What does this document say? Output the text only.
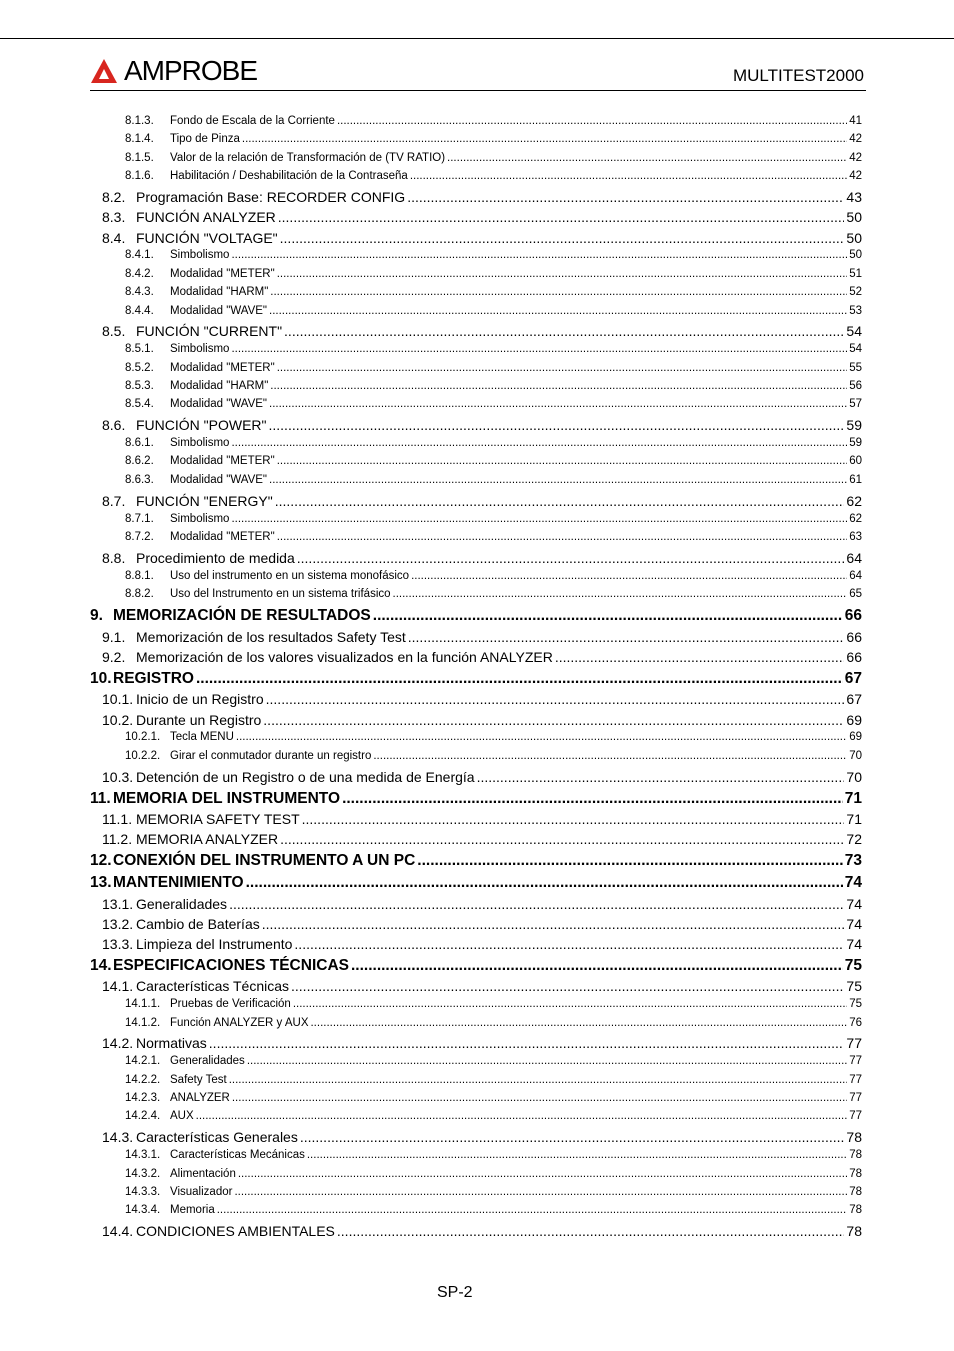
AMPROBE	MULTITEST2000
8.1.3.	Fondo de Escala de la Corriente .....	41
8.1.4.	Tipo de Pinza .....	42
8.1.5.	Valor de la relación de Transformación de (TV RATIO) .....	42
8.1.6.	Habilitación / Deshabilitación de la Contraseña .....	42
8.2. Programación Base: RECORDER CONFIG .....	43
8.3. FUNCIÓN ANALYZER .....	50
8.4. FUNCIÓN "VOLTAGE" .....	50
8.4.1.	Simbolismo .....	50
8.4.2.	Modalidad "METER" .....	51
8.4.3.	Modalidad "HARM" .....	52
8.4.4.	Modalidad "WAVE" .....	53
8.5. FUNCIÓN "CURRENT" .....	54
8.5.1.	Simbolismo .....	54
8.5.2.	Modalidad "METER" .....	55
8.5.3.	Modalidad "HARM" .....	56
8.5.4.	Modalidad "WAVE" .....	57
8.6. FUNCIÓN "POWER" .....	59
8.6.1.	Simbolismo .....	59
8.6.2.	Modalidad "METER" .....	60
8.6.3.	Modalidad "WAVE" .....	61
8.7. FUNCIÓN "ENERGY" .....	62
8.7.1.	Simbolismo .....	62
8.7.2.	Modalidad "METER" .....	63
8.8. Procedimiento de medida .....	64
8.8.1.	Uso del instrumento en un sistema monofásico .....	64
8.8.2.	Uso del Instrumento en un sistema trifásico .....	65
9. MEMORIZACIÓN DE RESULTADOS .....	66
9.1. Memorización de los resultados Safety Test .....	66
9.2. Memorización de los valores visualizados en la función ANALYZER .....	66
10. REGISTRO .....	67
10.1. Inicio de un Registro .....	67
10.2. Durante un Registro .....	69
10.2.1. Tecla MENU .....	69
10.2.2. Girar el conmutador durante un registro .....	70
10.3. Detención de un Registro o de una medida de Energía .....	70
11. MEMORIA DEL INSTRUMENTO .....	71
11.1. MEMORIA SAFETY TEST .....	71
11.2. MEMORIA ANALYZER .....	72
12. CONEXIÓN DEL INSTRUMENTO A UN PC .....	73
13. MANTENIMIENTO .....	74
13.1. Generalidades .....	74
13.2. Cambio de Baterías .....	74
13.3. Limpieza del Instrumento .....	74
14. ESPECIFICACIONES TÉCNICAS .....	75
14.1. Características Técnicas .....	75
14.1.1. Pruebas de Verificación .....	75
14.1.2. Función ANALYZER y AUX .....	76
14.2. Normativas .....	77
14.2.1. Generalidades .....	77
14.2.2. Safety Test .....	77
14.2.3. ANALYZER .....	77
14.2.4. AUX .....	77
14.3. Características Generales .....	78
14.3.1. Características Mecánicas .....	78
14.3.2. Alimentación .....	78
14.3.3. Visualizador .....	78
14.3.4. Memoria .....	78
14.4. CONDICIONES AMBIENTALES .....	78
SP-2
